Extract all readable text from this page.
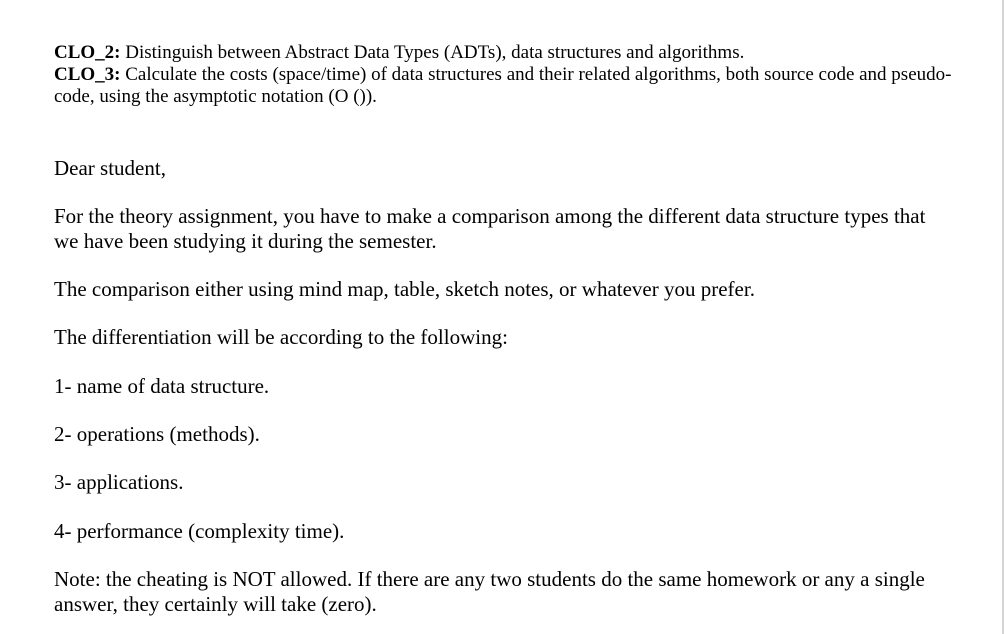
CLO_2: Distinguish between Abstract Data Types (ADTs), data structures and algorithms.

CLO_3: Calculate the costs (space/time) of data structures and their related algorithms, both source code and pseudo-code, using the asymptotic notation (O ()).

Dear student,

For the theory assignment, you have to make a comparison among the different data structure types that we have been studying it during the semester.

The comparison either using mind map, table, sketch notes, or whatever you prefer.

The differentiation will be according to the following:

1- name of data structure.

2- operations (methods).

3- applications.

4- performance (complexity time).

Note: the cheating is NOT allowed. If there are any two students do the same homework or any a single answer, they certainly will take (zero).
